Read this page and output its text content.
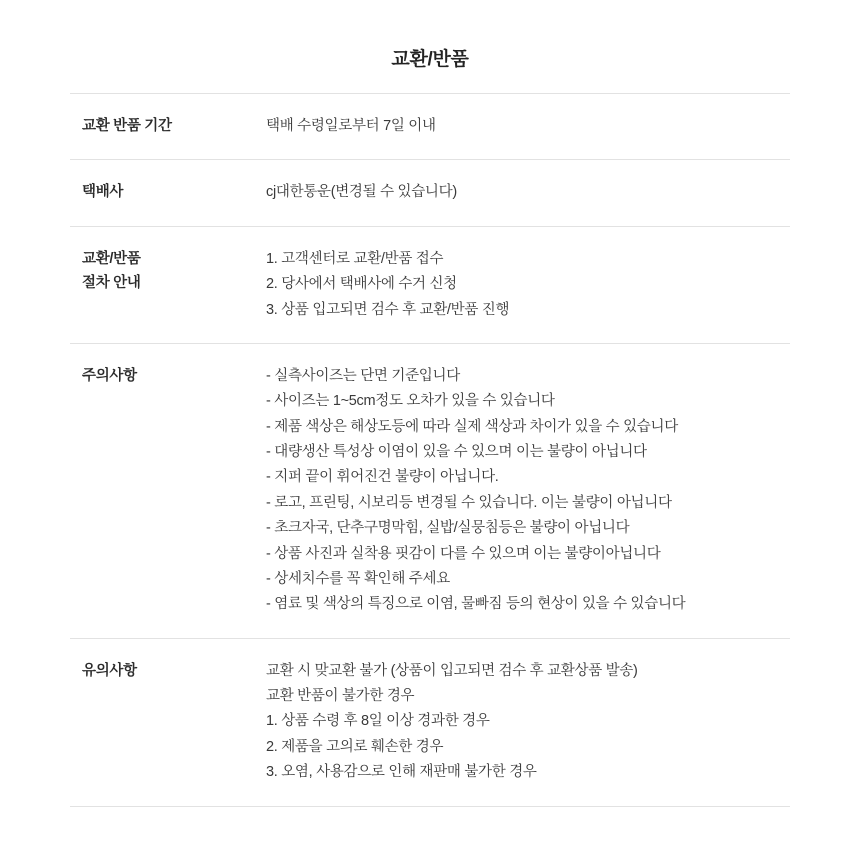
교환/반품
교환 반품 기간	택배 수령일로부터 7일 이내

택배사	cj대한통운(변경될 수 있습니다)

교환/반품
절차 안내	1. 고객센터로 교환/반품 접수
2. 당사에서 택배사에 수거 신청
3. 상품 입고되면 검수 후 교환/반품 진행

주의사항	- 실측사이즈는 단면 기준입니다
- 사이즈는 1~5cm정도 오차가 있을 수 있습니다
- 제품 색상은 해상도등에 따라 실제 색상과 차이가 있을 수 있습니다
- 대량생산 특성상 이염이 있을 수 있으며 이는 불량이 아닙니다
- 지퍼 끝이 휘어진건 불량이 아닙니다.
- 로고, 프린팅, 시보리등 변경될 수 있습니다. 이는 불량이 아닙니다
- 초크자국, 단추구명막힘, 실밥/실뭉침등은 불량이 아닙니다
- 상품 사진과 실착용 핏감이 다를 수 있으며 이는 불량이아닙니다
- 상세치수를 꼭 확인해 주세요
- 염료 및 색상의 특징으로 이염, 물빠짐 등의 현상이 있을 수 있습니다

유의사항	교환 시 맞교환 불가 (상품이 입고되면 검수 후 교환상품 발송)
교환 반품이 불가한 경우
1. 상품 수령 후 8일 이상 경과한 경우
2. 제품을 고의로 훼손한 경우
3. 오염, 사용감으로 인해 재판매 불가한 경우
